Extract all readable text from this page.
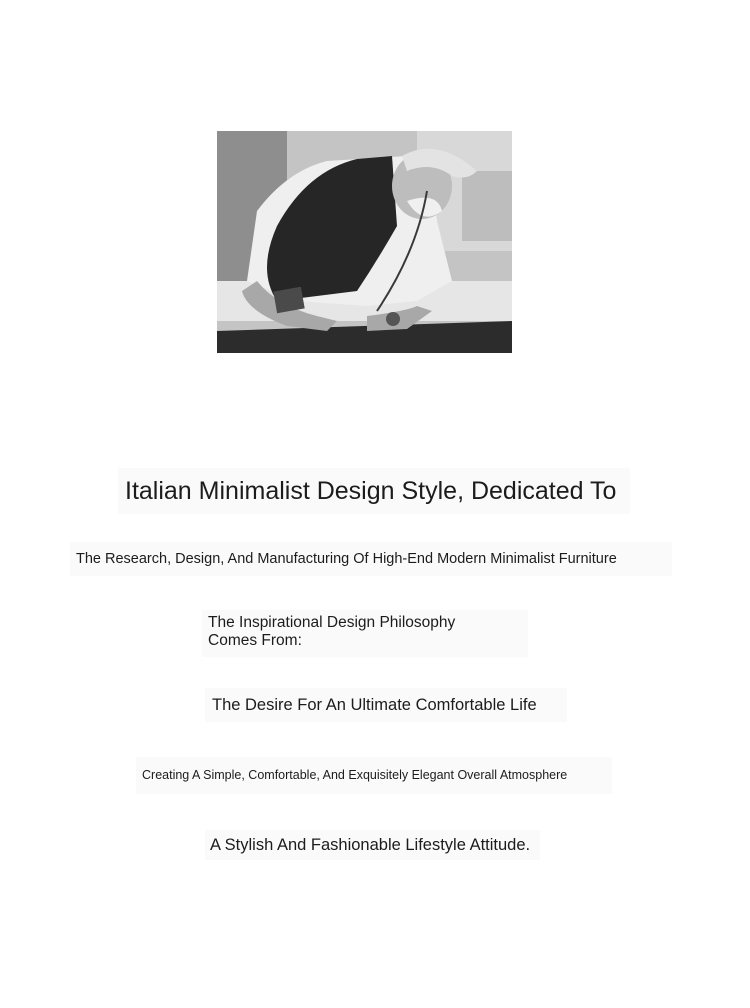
Italian Minimalist Design Style, Dedicated To
The Research, Design, And Manufacturing Of High-End Modern Minimalist Furniture
The Inspirational Design Philosophy
Comes From:
The Desire For An Ultimate Comfortable Life
Creating A Simple, Comfortable, And Exquisitely Elegant Overall Atmosphere
A Stylish And Fashionable Lifestyle Attitude.
